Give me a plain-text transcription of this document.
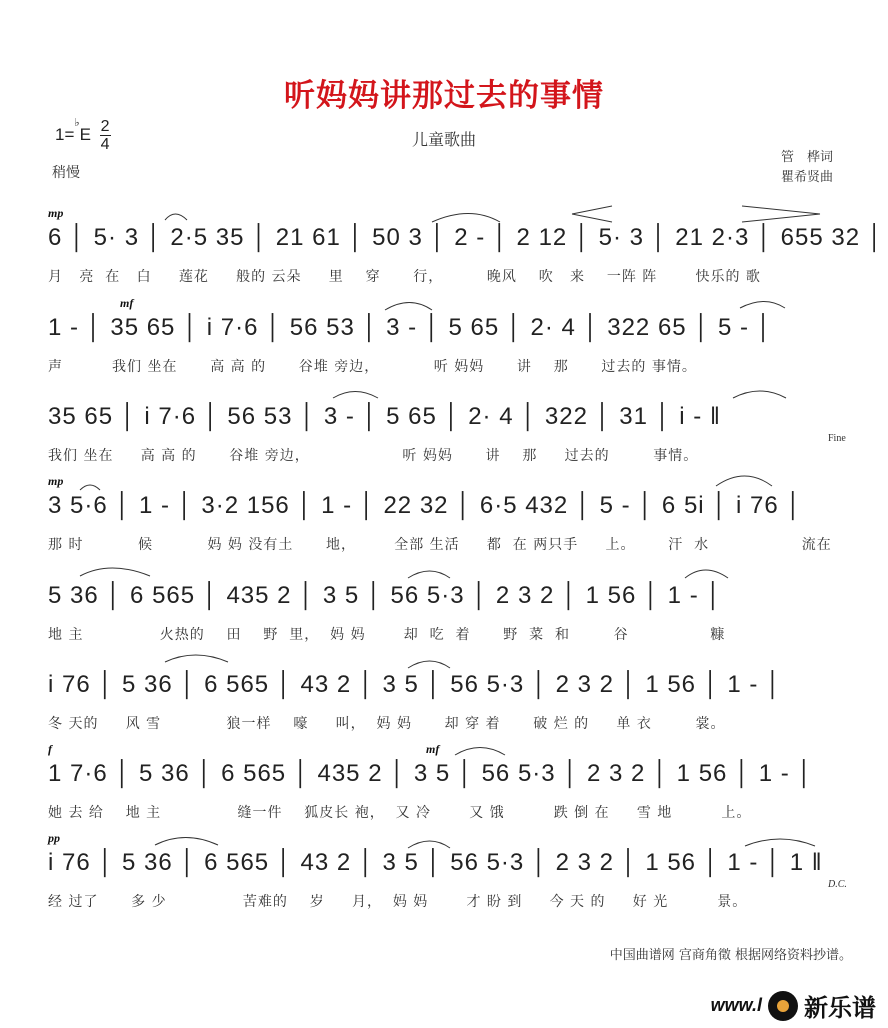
听妈妈讲那过去的事情
$1=^♭E \frac{2}{4}$	儿童歌曲
稍慢
管　桦词
瞿希贤曲
mp
6 │ 5· 3 │ 2·5 35 │ 21 61 │ 50 3 │ 2 - │ 2 12 │ 5· 3 │ 21 2·3 │ 655 32 │
月   亮  在   白     莲花     般的 云朵     里    穿      行，        晚风    吹   来    一阵 阵       快乐的 歌
mf
1 - │ 35 65 │ i 7·6 │ 56 53 │ 3 - │ 5 65 │ 2· 4 │ 322 65 │ 5 - │
声         我们 坐在      高 高 的      谷堆 旁边，          听 妈妈      讲    那      过去的 事情。
35 65 │ i 7·6 │ 56 53 │ 3 - │ 5 65 │ 2· 4 │ 322 │ 31 │ i - ‖
我们 坐在     高 高 的      谷堆 旁边，                 听 妈妈      讲    那     过去的        事情。
Fine
mp
3 5·6 │ 1 - │ 3·2 156 │ 1 - │ 22 32 │ 6·5 432 │ 5 - │ 6 5i │ i 76 │
那 时          候          妈 妈 没有土      地，       全部 生活     都  在 两只手     上。      汗  水                 流在
5 36 │ 6 565 │ 435 2 │ 3 5 │ 56 5·3 │ 2 3 2 │ 1 56 │ 1 - │
地 主              火热的    田    野  里，  妈 妈       却  吃  着      野  菜  和        谷               糠
i 76 │ 5 36 │ 6 565 │ 43 2 │ 3 5 │ 56 5·3 │ 2 3 2 │ 1 56 │ 1 - │
冬 天的     风 雪            狼一样    嚎     叫，  妈 妈      却 穿 着      破 烂 的     单 衣        裳。
f	mf
1 7·6 │ 5 36 │ 6 565 │ 435 2 │ 3 5 │ 56 5·3 │ 2 3 2 │ 1 56 │ 1 - │
她 去 给    地 主              缝一件    狐皮长 袍，  又 冷       又 饿         跌 倒 在     雪 地         上。
pp
i 76 │ 5 36 │ 6 565 │ 43 2 │ 3 5 │ 56 5·3 │ 2 3 2 │ 1 56 │ 1 - │ 1 ‖
经 过了      多 少              苦难的    岁     月，  妈 妈       才 盼 到     今 天 的     好 光         景。
D.C.
中国曲谱网 宫商角徵 根据网络资料抄谱。
www.l 新乐谱
